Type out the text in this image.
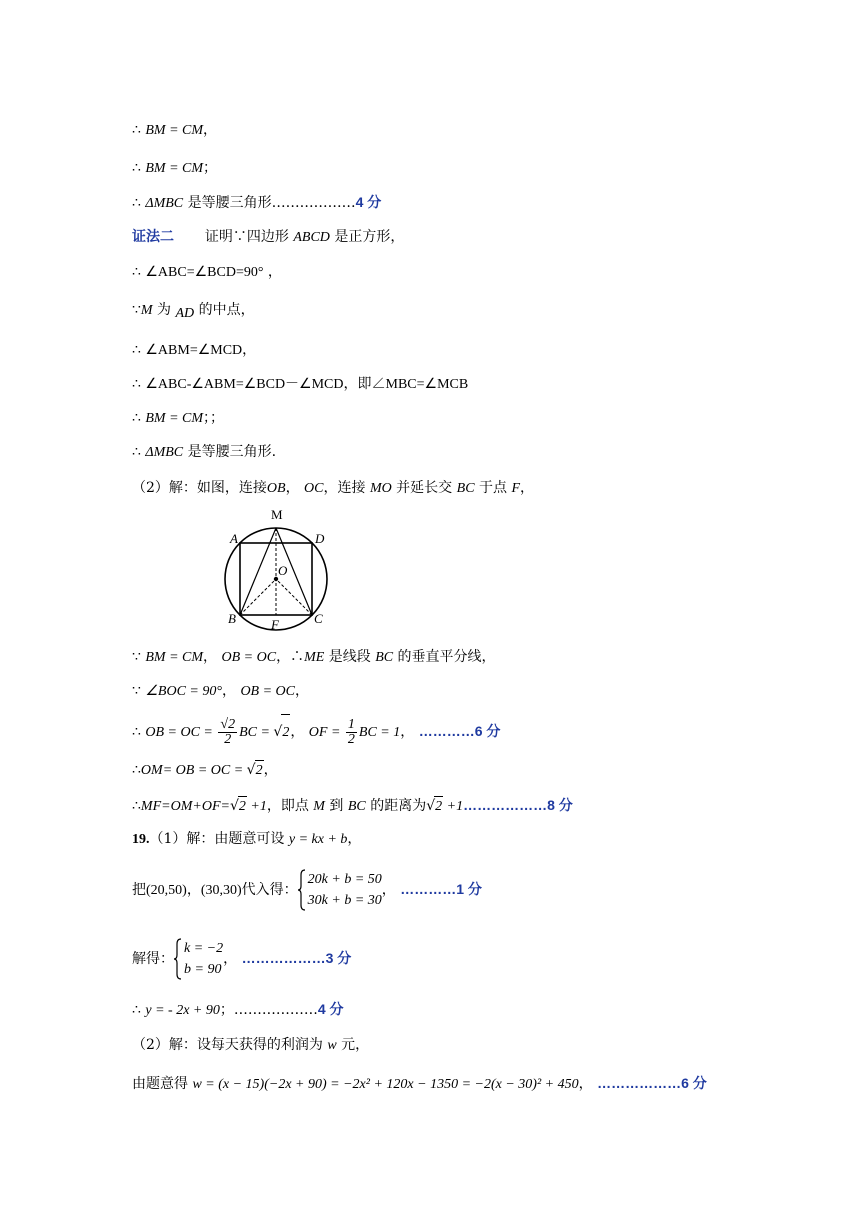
∴ BM = CM，
∴ BM = CM；
∴ ΔMBC 是等腰三角形………………4 分
证法二 证明∵四边形 ABCD 是正方形，
∴ ∠ABC=∠BCD=90° ，
∵M 为 AD 的中点，
∴ ∠ABM=∠MCD，
∴ ∠ABC-∠ABM=∠BCD－∠MCD，即∠MBC=∠MCB
∴ BM = CM；；
∴ ΔMBC 是等腰三角形.
（2）解：如图，连接OB， OC，连接 MO 并延长交 BC 于点 F，
M
A	D
O
B	F	C
∵ BM = CM， OB = OC，∴ME 是线段 BC 的垂直平分线，
∵ ∠BOC = 90°， OB = OC，
∴ OB = OC = $\frac{√2}{2}$ BC = √2， OF = $\frac{1}{2}$ BC = 1， …………6 分
∴OM= OB = OC = √2，
∴MF=OM+OF=√2 +1，即点 M 到 BC 的距离为√2 +1………………8 分
19.（1）解：由题意可设 y = kx + b，
把(20,50)，(30,30)代入得：
20k + b = 50
30k + b = 30
， …………1 分
解得：
k = −2
b = 90
， ………………3 分
∴ y = - 2x + 90；………………4 分
（2）解：设每天获得的利润为 w 元，
由题意得 w = (x − 15)(−2x + 90) = −2x² + 120x − 1350 = −2(x − 30)² + 450， ………………6 分
